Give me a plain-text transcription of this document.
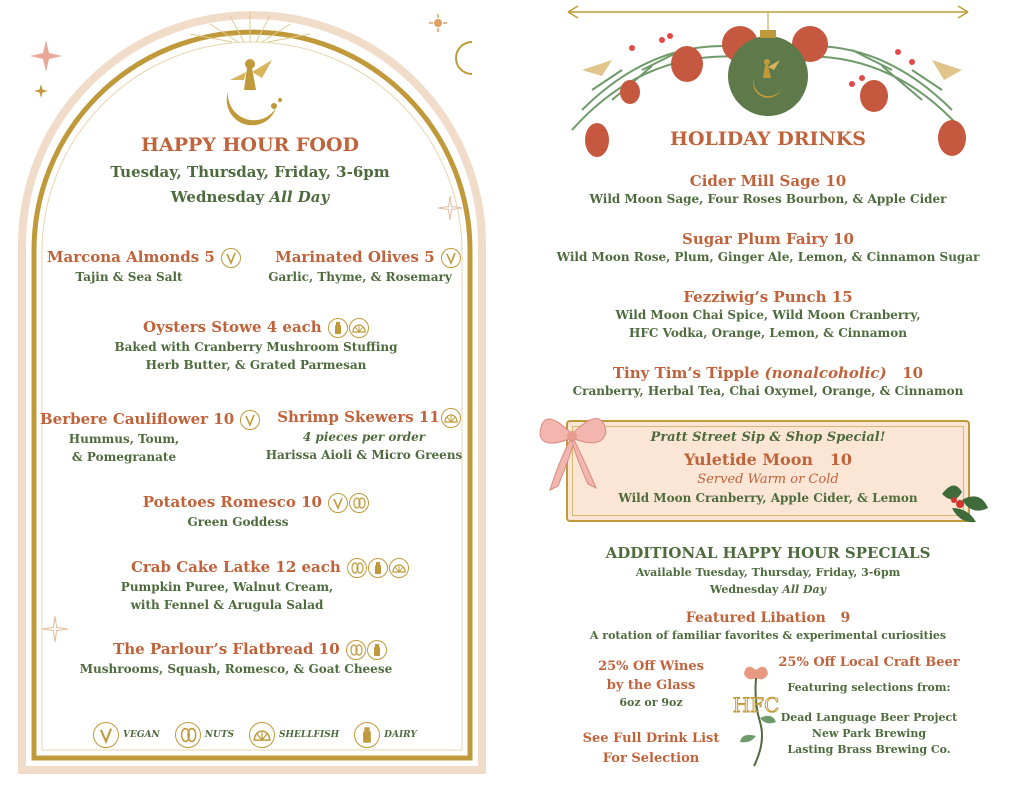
HAPPY HOUR FOOD
Tuesday, Thursday, Friday, 3-6pm
Wednesday All Day
Marcona Almonds 5
Tajin & Sea Salt
Marinated Olives 5
Garlic, Thyme, & Rosemary
Oysters Stowe 4 each
Baked with Cranberry Mushroom Stuffing
Herb Butter, & Grated Parmesan
Berbere Cauliflower 10
Hummus, Toum,
& Pomegranate
Shrimp Skewers 11
4 pieces per order
Harissa Aioli & Micro Greens
Potatoes Romesco 10
Green Goddess
Crab Cake Latke 12 each
Pumpkin Puree, Walnut Cream,
with Fennel & Arugula Salad
The Parlour’s Flatbread 10
Mushrooms, Squash, Romesco, & Goat Cheese
VEGAN	NUTS	SHELLFISH	DAIRY
HOLIDAY DRINKS
Cider Mill Sage 10
Wild Moon Sage, Four Roses Bourbon, & Apple Cider
Sugar Plum Fairy 10
Wild Moon Rose, Plum, Ginger Ale, Lemon, & Cinnamon Sugar
Fezziwig’s Punch 15
Wild Moon Chai Spice, Wild Moon Cranberry,
HFC Vodka, Orange, Lemon, & Cinnamon
Tiny Tim’s Tipple (nonalcoholic)   10
Cranberry, Herbal Tea, Chai Oxymel, Orange, & Cinnamon
Pratt Street Sip & Shop Special!
Yuletide Moon   10
Served Warm or Cold
Wild Moon Cranberry, Apple Cider, & Lemon
ADDITIONAL HAPPY HOUR SPECIALS
Available Tuesday, Thursday, Friday, 3-6pm
Wednesday All Day
Featured Libation   9
A rotation of familiar favorites & experimental curiosities
25% Off Wines
by the Glass
6oz or 9oz
See Full Drink List
For Selection
HFC
25% Off Local Craft Beer
Featuring selections from:
Dead Language Beer Project
New Park Brewing
Lasting Brass Brewing Co.
